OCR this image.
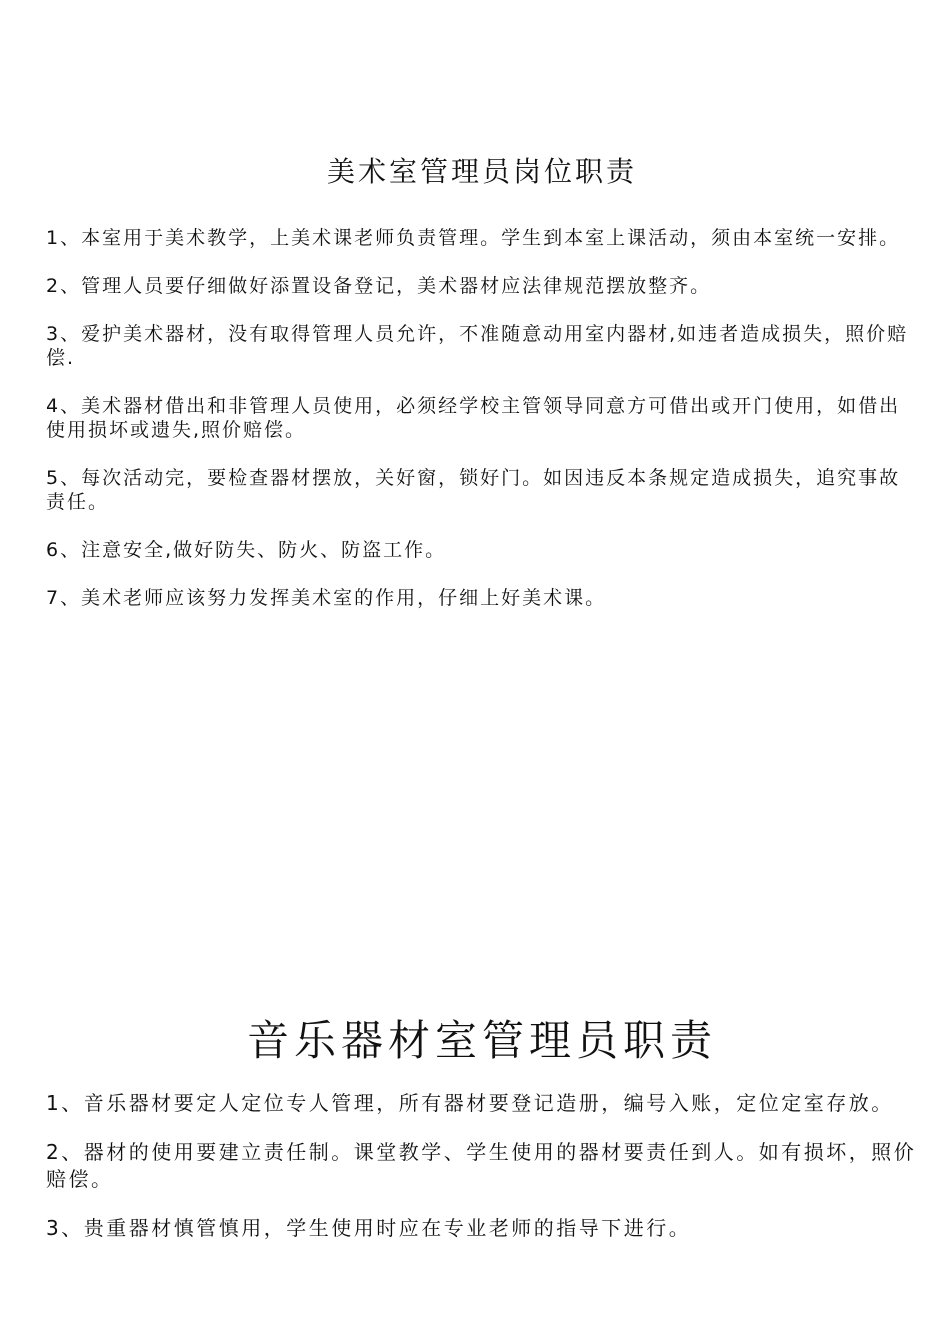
美术室管理员岗位职责

1、本室用于美术教学，上美术课老师负责管理。学生到本室上课活动，须由本室统一安排。

2、管理人员要仔细做好添置设备登记，美术器材应法律规范摆放整齐。

3、爱护美术器材，没有取得管理人员允许，不准随意动用室内器材,如违者造成损失，照价赔偿.

4、美术器材借出和非管理人员使用，必须经学校主管领导同意方可借出或开门使用，如借出使用损坏或遗失,照价赔偿。

5、每次活动完，要检查器材摆放，关好窗，锁好门。如因违反本条规定造成损失，追究事故责任。

6、注意安全,做好防失、防火、防盗工作。

7、美术老师应该努力发挥美术室的作用，仔细上好美术课。

音乐器材室管理员职责

1、音乐器材要定人定位专人管理，所有器材要登记造册，编号入账，定位定室存放。

2、器材的使用要建立责任制。课堂教学、学生使用的器材要责任到人。如有损坏，照价赔偿。

3、贵重器材慎管慎用，学生使用时应在专业老师的指导下进行。
